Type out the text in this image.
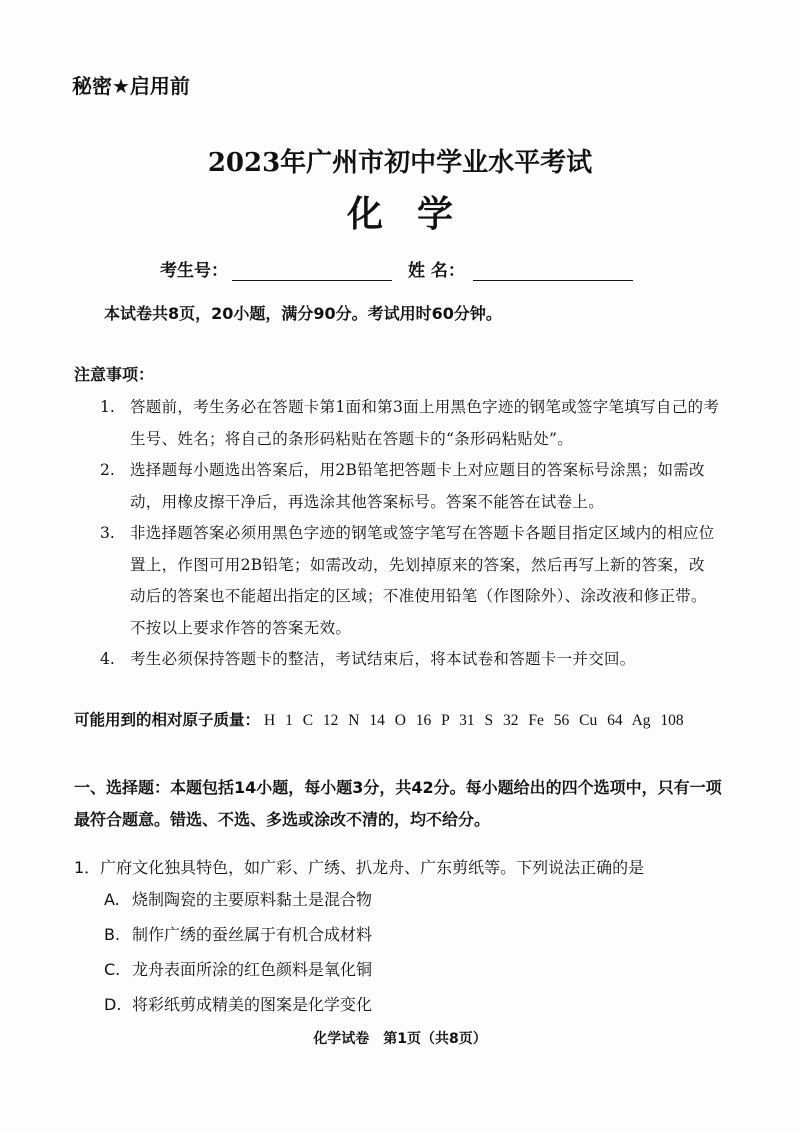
秘密★启用前
2023年广州市初中学业水平考试
化学
考生号：	姓 名：
本试卷共8页，20小题，满分90分。考试用时60分钟。
注意事项：
1. 答题前，考生务必在答题卡第1面和第3面上用黑色字迹的钢笔或签字笔填写自己的考生号、姓名；将自己的条形码粘贴在答题卡的“条形码粘贴处”。
2. 选择题每小题选出答案后，用2B铅笔把答题卡上对应题目的答案标号涂黑；如需改动，用橡皮擦干净后，再选涂其他答案标号。答案不能答在试卷上。
3. 非选择题答案必须用黑色字迹的钢笔或签字笔写在答题卡各题目指定区域内的相应位置上，作图可用2B铅笔；如需改动，先划掉原来的答案，然后再写上新的答案，改动后的答案也不能超出指定的区域；不准使用铅笔（作图除外）、涂改液和修正带。不按以上要求作答的答案无效。
4. 考生必须保持答题卡的整洁，考试结束后，将本试卷和答题卡一并交回。
可能用到的相对原子质量： H 1 C 12 N 14 O 16 P 31 S 32 Fe 56 Cu 64 Ag 108
一、选择题：本题包括14小题，每小题3分，共42分。每小题给出的四个选项中，只有一项最符合题意。错选、不选、多选或涂改不清的，均不给分。
1．广府文化独具特色，如广彩、广绣、扒龙舟、广东剪纸等。下列说法正确的是
A. 烧制陶瓷的主要原料黏土是混合物
B. 制作广绣的蚕丝属于有机合成材料
C. 龙舟表面所涂的红色颜料是氧化铜
D. 将彩纸剪成精美的图案是化学变化
化学试卷　第1页（共8页）
